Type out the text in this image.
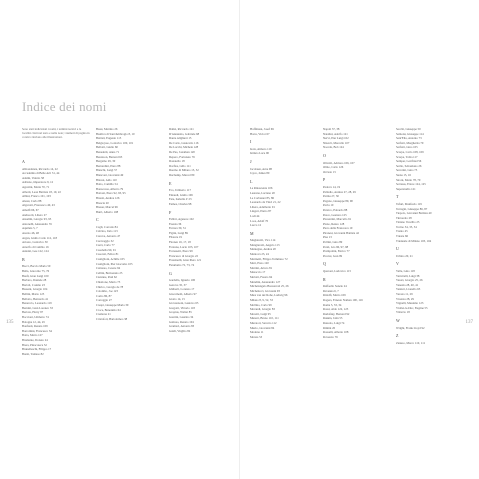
Indice dei nomi
Sono stati indicizzati i nomi, i termini tecnici e le località citati nel testo e nelle note; i numeri di pagina in corsivo rinviano alle illustrazioni.
A
Abbondanza, Riccardo 14, 22
Accademia di Belle Arti 31, 44
Adami, Valerio 58
Adriano, imperatore 9, 12
Agostini, Marta 70, 71
Alberti, Leon Battista 18, 19, 22
Albini, Franco 101, 103
Alessi, Carlo 88
Algarotti, Francesco 40, 43
Amalfi 66, 67
Andreotti, Libero 27
Anselmi, Giorgio 93, 95
Antonelli, Alessandro 35
Aquileia 5, 7
Arezzo 46, 48
Argan, Giulio Carlo 112, 118
Ariosto, Ludovico 30
Arnolfo di Cambio 16
Aulenti, Gae 122, 124
B
Bacci, Baccio Maria 59
Balla, Giacomo 75, 76
Banfi, Gian Luigi 100
Barbaro, Daniele 28
Bartoli, Cosimo 23
Bassani, Giorgio 104
Bellini, Mario 125
Bellotto, Bernardo 41
Benevolo, Leonardo 119
Bernini, Gian Lorenzo 33
Bertoia, Harry 97
Boccioni, Umberto 74
Bologna 12, 44, 45
Bonfanti, Renata 109
Borromini, Francesco 34
Botta, Mario 127
Bramante, Donato 24
Brera, Pinacoteca 52
Brunelleschi, Filippo 17
Buzzi, Tomaso 82
Bassi, Martino 26
Basilica di Sant'Ambrogio 8, 10
Battisti, Eugenio 115
Belgiojoso, Lodovico 100, 101
Bellotti, Giulio 60
Benedetti, Anna 71
Berenson, Bernard 63
Bergamo 29, 30
Bernardini, Piero 88
Bianchi, Luigi 57
Bianconi, Giovanni 49
Bitossi, Aldo 110
Boito, Camillo 54
Bonacossa, Alberto 79
Bottoni, Piero 92, 93, 95
Branzi, Andrea 126
Brescia 20
Breuer, Marcel 96
Burri, Alberto 108
C
Cagli, Corrado 84
Calvino, Italo 113
Canova, Antonio 47
Caravaggio 32
Carrà, Carlo 77
Casabella 90, 91
Casorati, Felice 81
Castiglioni, Achille 105
Castiglioni, Pier Giacomo 105
Cattaneo, Cesare 94
Cellini, Benvenuto 25
Cézanne, Paul 62
Chiattone, Mario 73
Chirico, Giorgio de 78
Colombo, Joe 123
Como 86, 87
Correggio 27
Crespi, Giuseppe Maria 39
Croce, Benedetto 64
Cremona 21
Cristofori, Bartolomeo 38
Dalisi, Riccardo 121
D'Annunzio, Gabriele 68
Dante Alighieri 15
De Carlo, Giancarlo 116
De Lucchi, Michele 128
De Pas, Jonathan 120
Depero, Fortunato 76
Donatello 18
Dorfles, Gillo 111
Duomo di Milano 13, 52
Duchamp, Marcel 80
E
Eco, Umberto 117
Einaudi, Giulio 106
Este, Isabella d' 23
Eames, Charles 98
F
Fabbri, Agenore 102
Faenza 36
Ferrara 30, 31
Figini, Luigi 89
Filarete 19
Firenze 16, 17, 18
Fontana, Lucio 103, 107
Fornasetti, Piero 99
Francesco di Giorgio 22
Frassinelli, Gian Piero 121
Futurismo 72, 73, 74
G
Gardella, Ignazio 100
Genova 35, 37
Ghiberti, Lorenzo 17
Giacometti, Alberto 97
Giotto 14, 15
Giovannoni, Gustavo 65
Gregotti, Vittorio 118
Gropius, Walter 85
Guarini, Guarino 34
Guttuso, Renato 104
Gramsci, Antonio 83
Guidi, Virgilio 82
135
Hoffmann, Josef 69
Horta, Victor 67
I
Isola, Aimaro 119
Istituto Luce 90
J
Jacobsen, Arne 98
Joyce, James 80
L
La Rinascente 106
Laurana, Luciano 20
Le Corbusier 85, 86
Leonardo da Vinci 21, 22
Libera, Adalberto 91
Lingeri, Pietro 87
Lodi 44
Loos, Adolf 70
Lucca 12
M
Magistretti, Vico 114
Mangiarotti, Angelo 113
Mantegna, Andrea 20
Mantova 23, 24
Marinetti, Filippo Tommaso 72
Mari, Enzo 120
Martini, Arturo 81
Masaccio 17
Melotti, Fausto 94
Mendini, Alessandro 127
Michelangelo Buonarroti 25, 26
Michelucci, Giovanni 93
Mies van der Rohe, Ludwig 96
Milano 8, 9, 52, 53
Mollino, Carlo 99
Morandi, Giorgio 83
Moretti, Luigi 95
Munari, Bruno 110, 111
Muratori, Saverio 112
Muzio, Giovanni 84
Modena 11
Monza 53
Napoli 37, 38
Natalini, Adolfo 121
Nervi, Pier Luigi 102
Nizzoli, Marcello 107
Noorda, Bob 124
O
Olivetti, Adriano 106, 107
Olmo, Carlo 126
Orvieto 15
P
Padova 14, 19
Palladio, Andrea 27, 28, 29
Parma 27, 30
Pagano, Giuseppe 89, 90
Pavia 10
Persico, Edoardo 88
Pesce, Gaetano 125
Piacentini, Marcello 91
Piano, Renzo 128
Piero della Francesca 19
Piranesi, Giovanni Battista 42
Pisa 13
Pollini, Gino 89
Ponti, Gio 96, 97, 98
Prampolini, Enrico 77
Prouvé, Jean 99
Q
Quaroni, Ludovico 115
R
Raffaello Sanzio 24
Ravenna 6, 7
Ridolfi, Mario 109
Rogers, Ernesto Nathan 100, 116
Roma 5, 33, 34
Rossi, Aldo 122, 123
Rudofsky, Bernard 92
Ruskin, John 55
Russolo, Luigi 74
Rimini 20
Rosselli, Alberto 108
Rovereto 76
Sacchi, Giuseppe 50
Samonà, Giuseppe 114
Sant'Elia, Antonio 73
Sarfatti, Margherita 79
Sarfatti, Gino 105
Scarpa, Carlo 108, 109
Scarpa, Tobia 117
Semper, Gottfried 56
Serlio, Sebastiano 26
Severini, Gino 75
Siena 15, 16
Sironi, Mario 78, 79
Sottsass, Ettore 124, 125
Superstudio 121
T
Tafuri, Manfredo 119
Terragni, Giuseppe 86, 87
Tiepolo, Giovanni Battista 40
Tintoretto 28
Tiziano Vecellio 25
Torino 34, 35, 54
Trento 45
Trieste 66
Triennale di Milano 103, 104
U
Urbino 20, 21
V
Valle, Gino 118
Vanvitelli, Luigi 38
Vasari, Giorgio 25, 26
Venezia 28, 40, 41
Venturi, Lionello 63
Verona 11, 29
Vicenza 28, 29
Vignelli, Massimo 123
Viollet-le-Duc, Eugène 55
Vitruvio 18
W
Wright, Frank Lloyd 92
Z
Zanuso, Marco 110, 111
137
